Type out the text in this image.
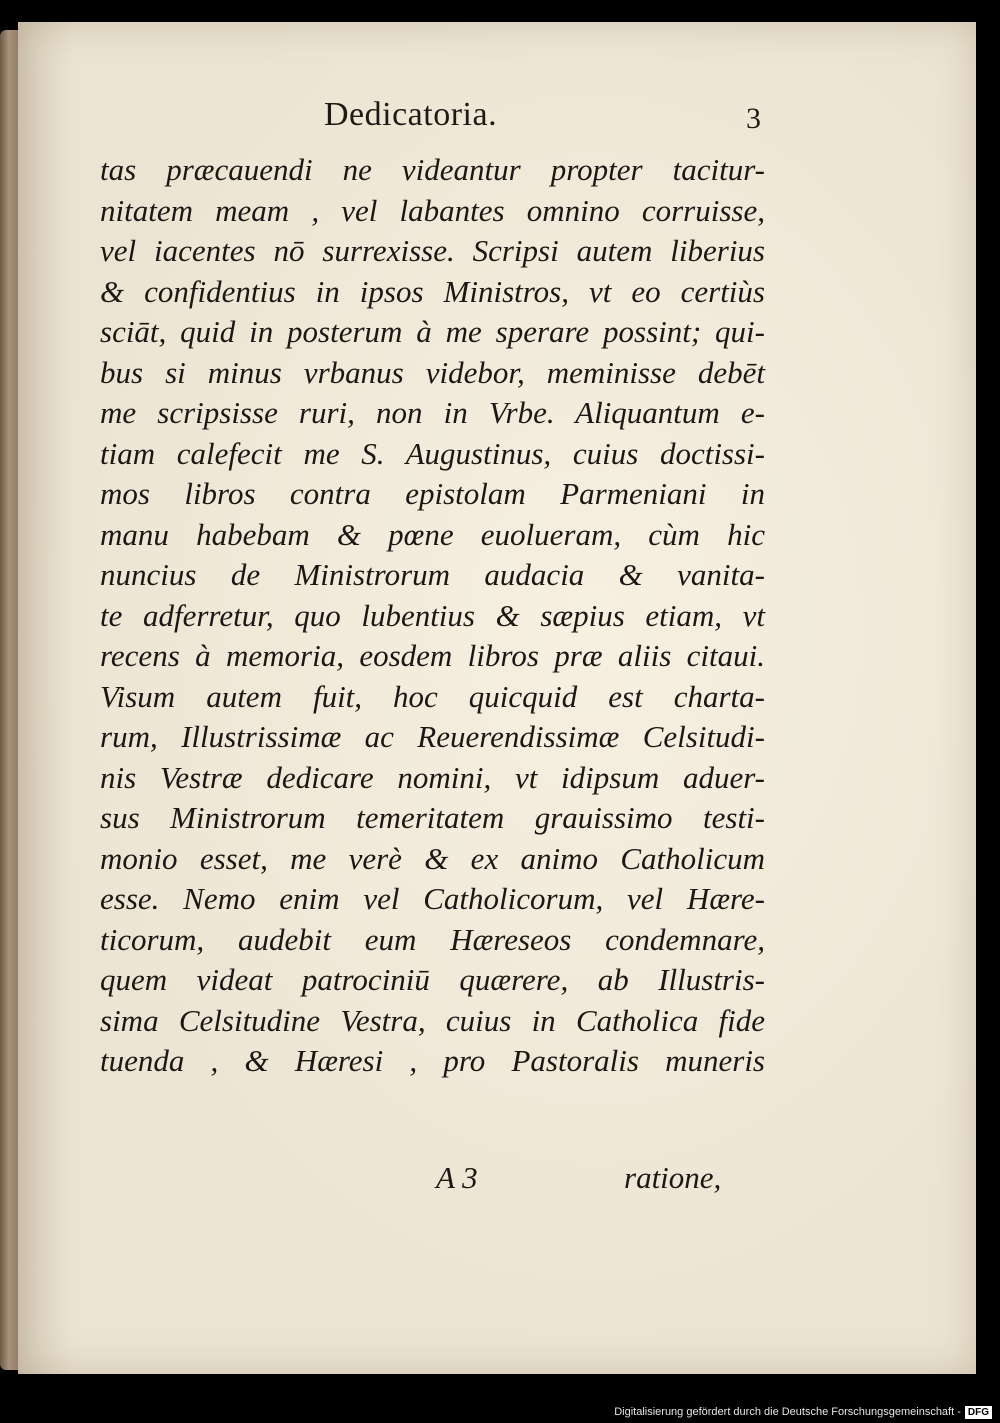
Dedicatoria.	3
tas præcauendi ne videantur propter tacitur-
nitatem meam , vel labantes omnino corruisse,
vel iacentes nō surrexisse. Scripsi autem liberius
& confidentius in ipsos Ministros, vt eo certiùs
sciāt, quid in posterum à me sperare possint; qui-
bus si minus vrbanus videbor, meminisse debēt
me scripsisse ruri, non in Vrbe. Aliquantum e-
tiam calefecit me S. Augustinus, cuius doctissi-
mos libros contra epistolam Parmeniani in
manu habebam & pœne euolueram, cùm hic
nuncius de Ministrorum audacia & vanita-
te adferretur, quo lubentius & sæpius etiam, vt
recens à memoria, eosdem libros præ aliis citaui.
Visum autem fuit, hoc quicquid est charta-
rum, Illustrissimæ ac Reuerendissimæ Celsitudi-
nis Vestræ dedicare nomini, vt idipsum aduer-
sus Ministrorum temeritatem grauissimo testi-
monio esset, me verè & ex animo Catholicum
esse. Nemo enim vel Catholicorum, vel Hære-
ticorum, audebit eum Hæreseos condemnare,
quem videat patrociniū quærere, ab Illustris-
sima Celsitudine Vestra, cuius in Catholica fide
tuenda , & Hæresi , pro Pastoralis muneris
A 3	ratione,
Digitalisierung gefördert durch die Deutsche Forschungsgemeinschaft - DFG
